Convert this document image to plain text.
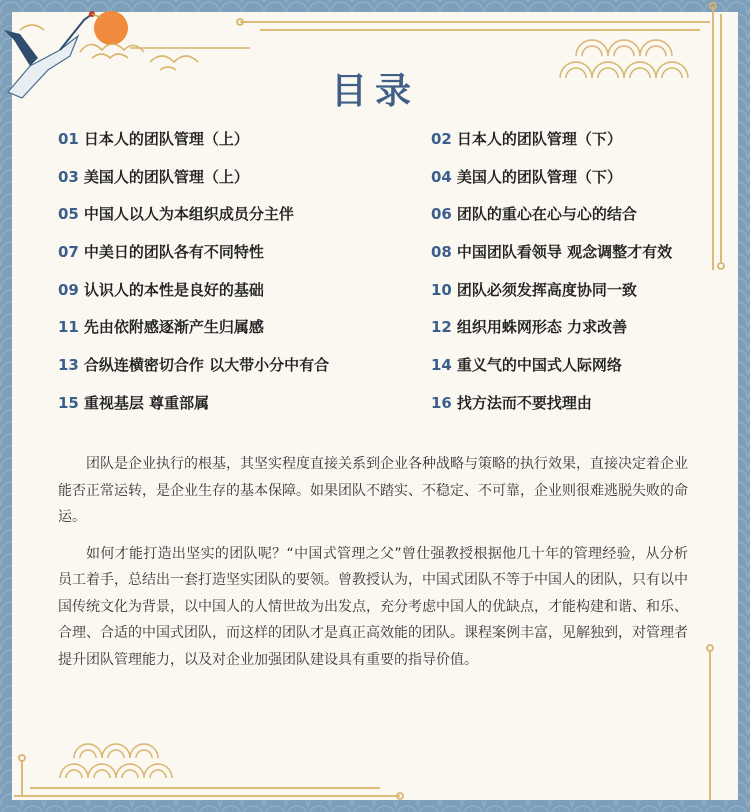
目录
01 日本人的团队管理（上）	02 日本人的团队管理（下）
03 美国人的团队管理（上）	04 美国人的团队管理（下）
05 中国人以人为本组织成员分主伴	06 团队的重心在心与心的结合
07 中美日的团队各有不同特性	08 中国团队看领导 观念调整才有效
09 认识人的本性是良好的基础	10 团队必须发挥高度协同一致
11 先由依附感逐渐产生归属感	12 组织用蛛网形态 力求改善
13 合纵连横密切合作 以大带小分中有合	14 重义气的中国式人际网络
15 重视基层 尊重部属	16 找方法而不要找理由

团队是企业执行的根基，其坚实程度直接关系到企业各种战略与策略的执行效果，直接决定着企业能否正常运转，是企业生存的基本保障。如果团队不踏实、不稳定、不可靠，企业则很难逃脱失败的命运。

如何才能打造出坚实的团队呢？“中国式管理之父”曾仕强教授根据他几十年的管理经验，从分析员工着手，总结出一套打造坚实团队的要领。曾教授认为，中国式团队不等于中国人的团队，只有以中国传统文化为背景，以中国人的人情世故为出发点，充分考虑中国人的优缺点，才能构建和谐、和乐、合理、合适的中国式团队，而这样的团队才是真正高效能的团队。课程案例丰富，见解独到，对管理者提升团队管理能力，以及对企业加强团队建设具有重要的指导价值。
